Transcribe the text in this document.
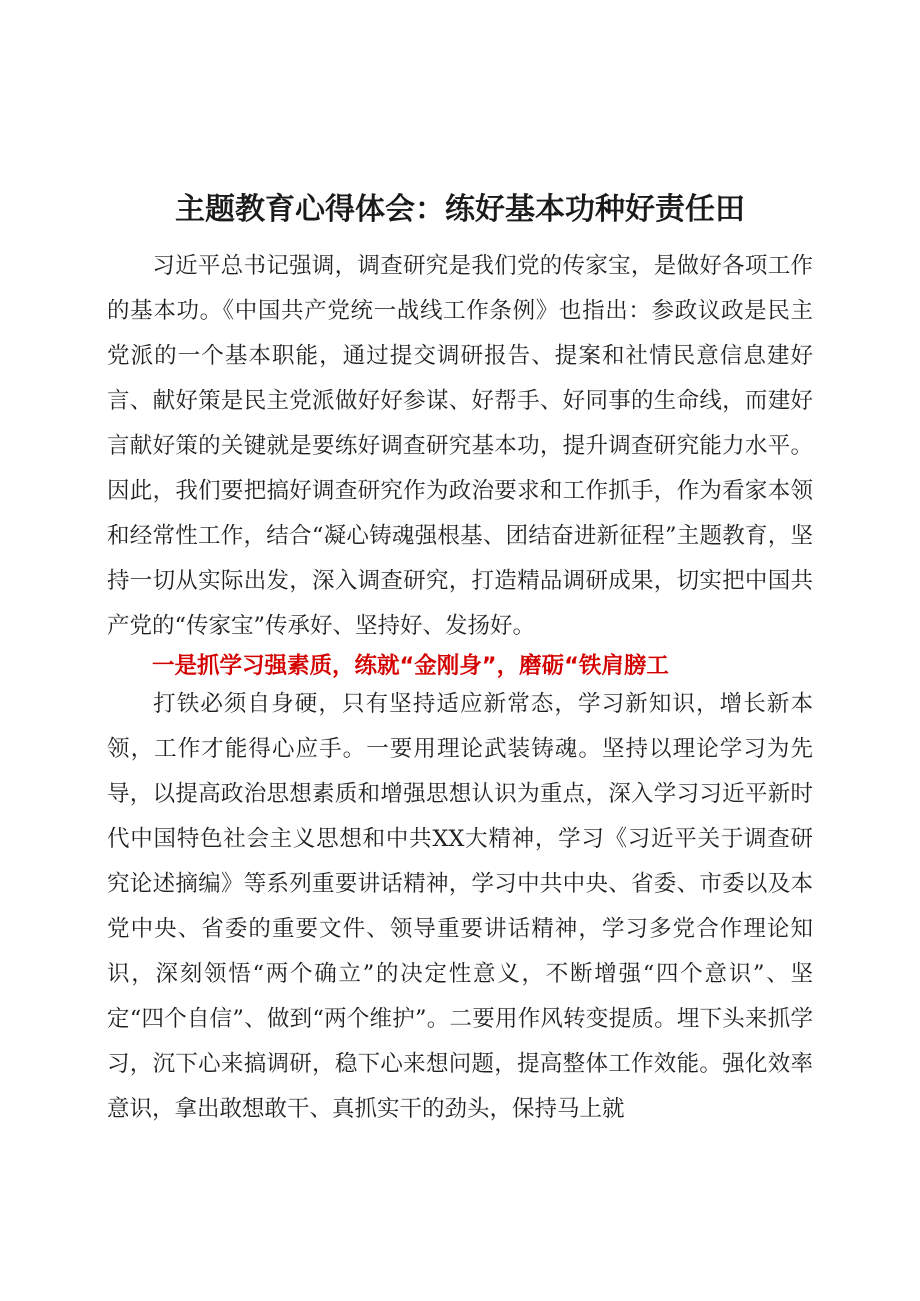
主题教育心得体会：练好基本功种好责任田

习近平总书记强调，调查研究是我们党的传家宝，是做好各项工作的基本功。《中国共产党统一战线工作条例》也指出：参政议政是民主党派的一个基本职能，通过提交调研报告、提案和社情民意信息建好言、献好策是民主党派做好好参谋、好帮手、好同事的生命线，而建好言献好策的关键就是要练好调查研究基本功，提升调查研究能力水平。因此，我们要把搞好调查研究作为政治要求和工作抓手，作为看家本领和经常性工作，结合“凝心铸魂强根基、团结奋进新征程”主题教育，坚持一切从实际出发，深入调查研究，打造精品调研成果，切实把中国共产党的“传家宝”传承好、坚持好、发扬好。

一是抓学习强素质，练就“金刚身”，磨砺“铁肩膀工

打铁必须自身硬，只有坚持适应新常态，学习新知识，增长新本领，工作才能得心应手。一要用理论武装铸魂。坚持以理论学习为先导，以提高政治思想素质和增强思想认识为重点，深入学习习近平新时代中国特色社会主义思想和中共XX大精神，学习《习近平关于调查研究论述摘编》等系列重要讲话精神，学习中共中央、省委、市委以及本党中央、省委的重要文件、领导重要讲话精神，学习多党合作理论知识，深刻领悟“两个确立”的决定性意义，不断增强“四个意识”、坚定“四个自信”、做到“两个维护”。二要用作风转变提质。埋下头来抓学习，沉下心来搞调研，稳下心来想问题，提高整体工作效能。强化效率意识，拿出敢想敢干、真抓实干的劲头，保持马上就
